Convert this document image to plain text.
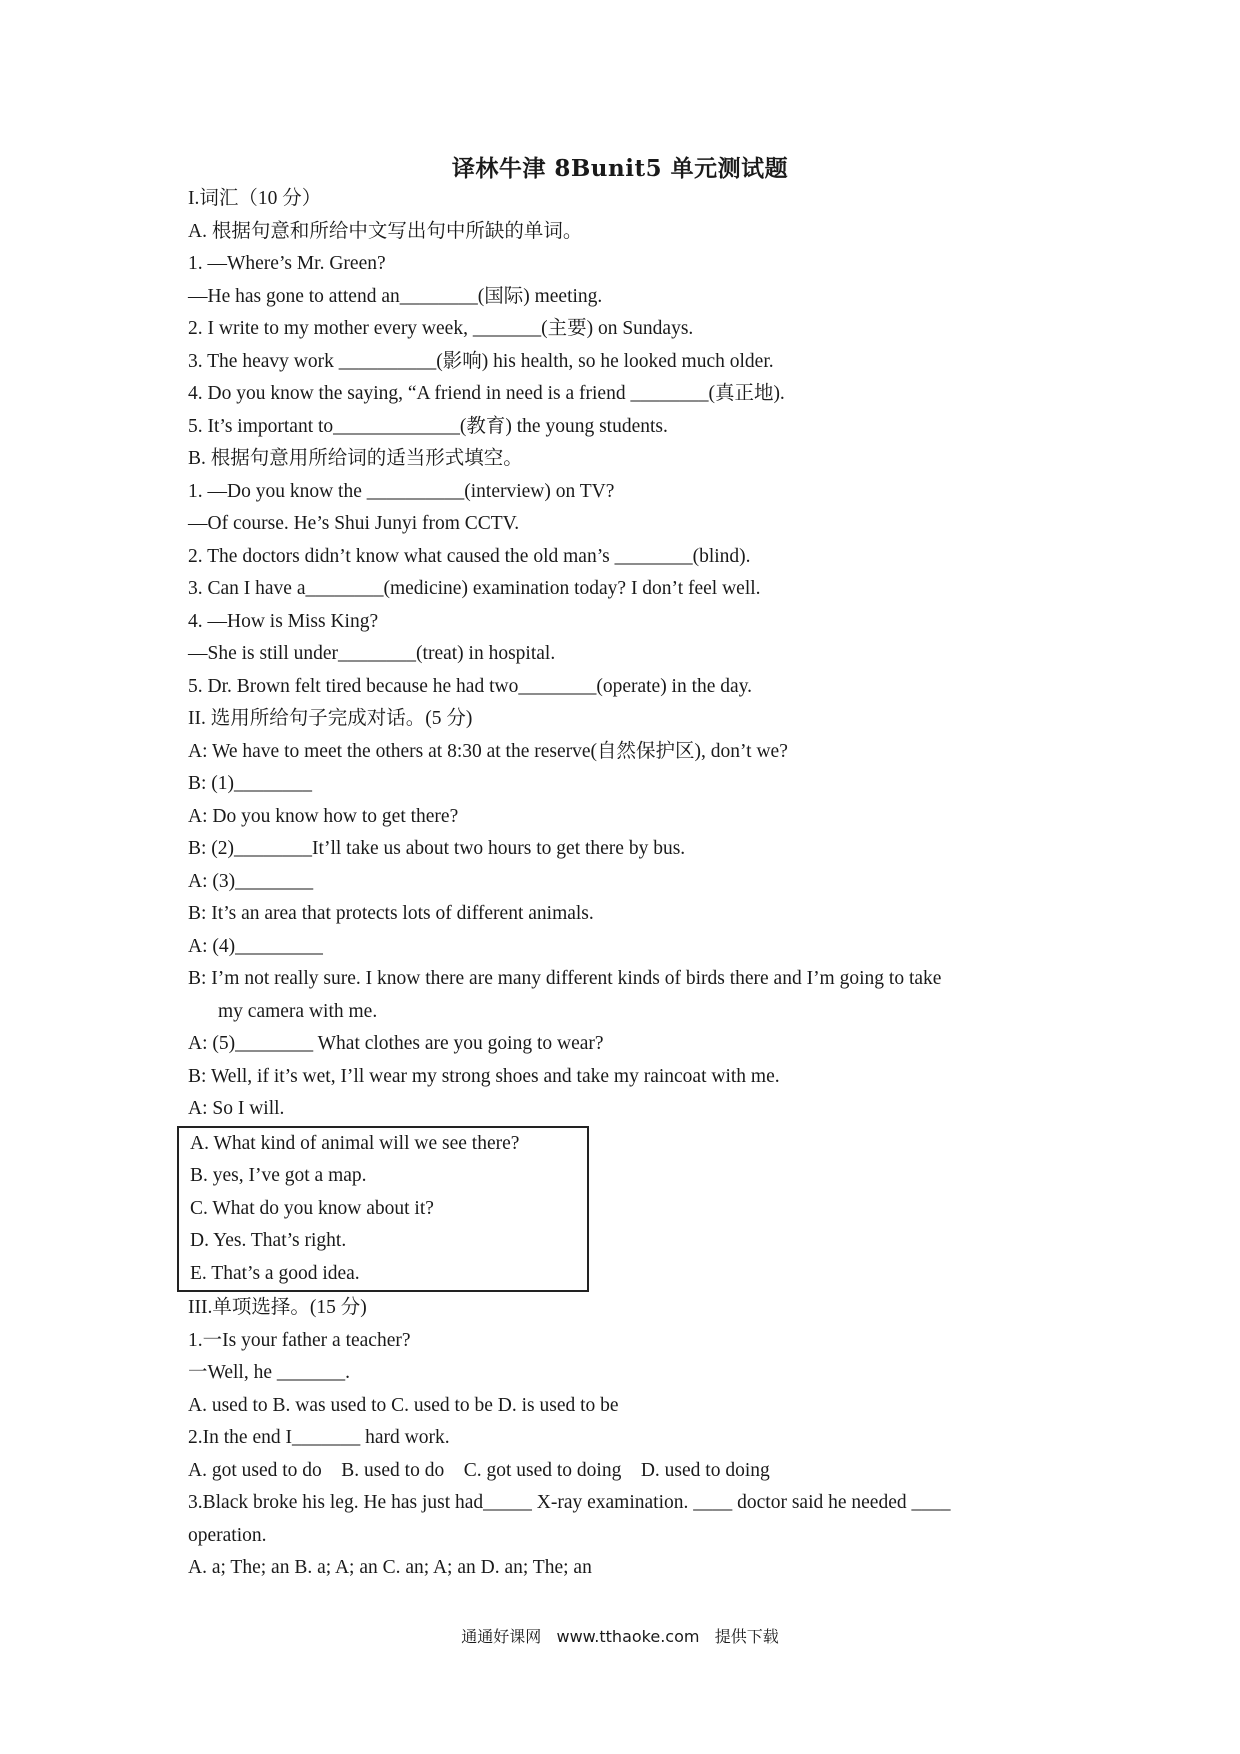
译林牛津 8Bunit5 单元测试题
I.词汇（10 分）
A. 根据句意和所给中文写出句中所缺的单词。
1. —Where’s Mr. Green?
—He has gone to attend an________(国际) meeting.
2. I write to my mother every week, _______(主要) on Sundays.
3. The heavy work __________(影响) his health, so he looked much older.
4. Do you know the saying, “A friend in need is a friend ________(真正地).
5. It’s important to_____________(教育) the young students.
B. 根据句意用所给词的适当形式填空。
1. —Do you know the __________(interview) on TV?
—Of course. He’s Shui Junyi from CCTV.
2. The doctors didn’t know what caused the old man’s ________(blind).
3. Can I have a________(medicine) examination today? I don’t feel well.
4. —How is Miss King?
—She is still under________(treat) in hospital.
5. Dr. Brown felt tired because he had two________(operate) in the day.
II. 选用所给句子完成对话。(5 分)
A: We have to meet the others at 8:30 at the reserve(自然保护区), don’t we?
B: (1)________
A: Do you know how to get there?
B: (2)________It’ll take us about two hours to get there by bus.
A: (3)________
B: It’s an area that protects lots of different animals.
A: (4)_________
B: I’m not really sure. I know there are many different kinds of birds there and I’m going to take
my camera with me.
A: (5)________ What clothes are you going to wear?
B: Well, if it’s wet, I’ll wear my strong shoes and take my raincoat with me.
A: So I will.
A. What kind of animal will we see there?
B. yes, I’ve got a map.
C. What do you know about it?
D. Yes. That’s right.
E. That’s a good idea.
III.单项选择。(15 分)
1.一Is your father a teacher?
一Well, he _______.
A. used to B. was used to C. used to be D. is used to be
2.In the end I_______ hard work.
A. got used to do    B. used to do    C. got used to doing    D. used to doing
3.Black broke his leg. He has just had_____ X-ray examination. ____ doctor said he needed ____
operation.
A. a; The; an B. a; A; an C. an; A; an D. an; The; an
通通好课网   www.tthaoke.com   提供下载
